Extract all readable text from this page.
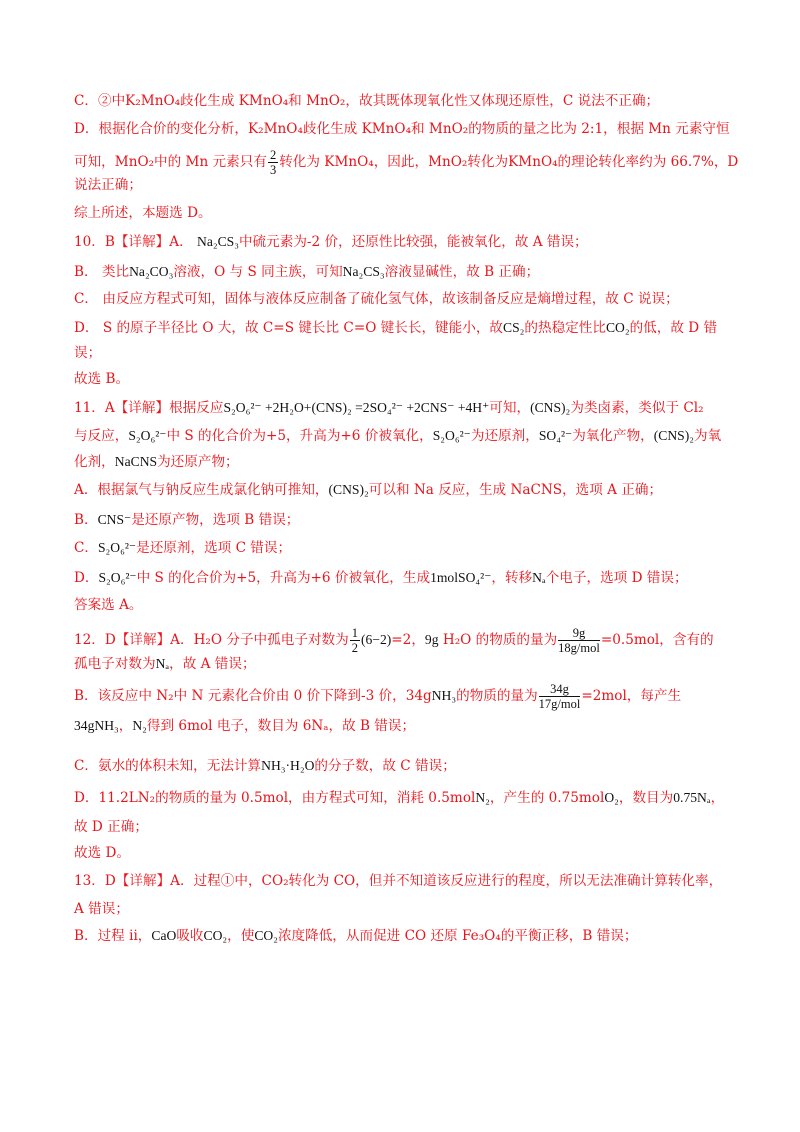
C．②中K₂MnO₄歧化生成 KMnO₄和 MnO₂，故其既体现氧化性又体现还原性，C 说法不正确；

D．根据化合价的变化分析，K₂MnO₄歧化生成 KMnO₄和 MnO₂的物质的量之比为 2:1，根据 Mn 元素守恒

可知，MnO₂中的 Mn 元素只有 $\frac{2}{3}$ 转化为 KMnO₄，因此，MnO₂转化为KMnO₄的理论转化率约为 66.7%，D

说法正确；

综上所述，本题选 D。

10．B【详解】A． Na₂CS₃中硫元素为-2 价，还原性比较强，能被氧化，故 A 错误；

B． 类比Na₂CO₃溶液，O 与 S 同主族，可知Na₂CS₃溶液显碱性，故 B 正确；

C． 由反应方程式可知，固体与液体反应制备了硫化氢气体，故该制备反应是熵增过程，故 C 说误；

D． S 的原子半径比 O 大，故 C=S 键长比 C=O 键长长，键能小，故CS₂的热稳定性比CO₂的低，故 D 错

误；

故选 B。

11．A【详解】根据反应S₂O₆²⁻ +2H₂O+(CNS)₂ =2SO₄²⁻ +2CNS⁻ +4H⁺可知，(CNS)₂为类卤素，类似于 Cl₂

与反应，S₂O₆²⁻中 S 的化合价为+5，升高为+6 价被氧化，S₂O₆²⁻为还原剂，SO₄²⁻为氧化产物，(CNS)₂为氧

化剂，NaCNS为还原产物；

A．根据氯气与钠反应生成氯化钠可推知，(CNS)₂可以和 Na 反应，生成 NaCNS，选项 A 正确；

B．CNS⁻是还原产物，选项 B 错误；

C．S₂O₆²⁻是还原剂，选项 C 错误；

D．S₂O₆²⁻中 S 的化合价为+5，升高为+6 价被氧化，生成1molSO₄²⁻，转移Nₐ个电子，选项 D 错误；

答案选 A。

12．D【详解】A．H₂O 分子中孤电子对数为 $\frac{1}{2} (6-2)=2$，9g H₂O 的物质的量为 $\frac{9g}{\text{18g/mol}} =0.5mol$，含有的

孤电子对数为Nₐ，故 A 错误；

B．该反应中 N₂中 N 元素化合价由 0 价下降到-3 价，34gNH₃的物质的量为 $\frac{34g}{\text{17g/mol}} =2mol$，每产生

34gNH₃，N₂得到 6mol 电子，数目为 6Nₐ，故 B 错误；

C．氨水的体积未知，无法计算NH₃·H₂O的分子数，故 C 错误；

D．11.2LN₂的物质的量为 0.5mol，由方程式可知，消耗 0.5molN₂，产生的 0.75molO₂，数目为0.75Nₐ，

故 D 正确；

故选 D。

13．D【详解】A．过程①中，CO₂转化为 CO，但并不知道该反应进行的程度，所以无法准确计算转化率，

A 错误；

B．过程 ii，CaO吸收CO₂，使CO₂浓度降低，从而促进 CO 还原 Fe₃O₄的平衡正移，B 错误；
